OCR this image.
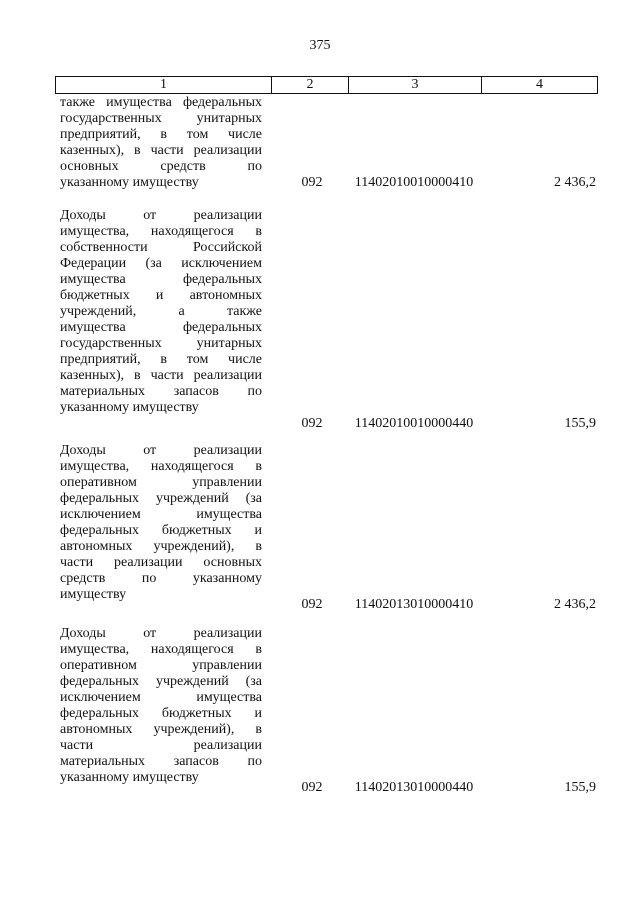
375
1	2	3	4
также имущества федеральных
государственных унитарных
предприятий, в том числе
казенных), в части реализации
основных средств по
указанному имуществу	092	11402010010000410	2 436,2
Доходы от реализации
имущества, находящегося в
собственности Российской
Федерации (за исключением
имущества федеральных
бюджетных и автономных
учреждений, а также
имущества федеральных
государственных унитарных
предприятий, в том числе
казенных), в части реализации
материальных запасов по
указанному имуществу
092	11402010010000440	155,9
Доходы от реализации
имущества, находящегося в
оперативном управлении
федеральных учреждений (за
исключением имущества
федеральных бюджетных и
автономных учреждений), в
части реализации основных
средств по указанному
имуществу
092	11402013010000410	2 436,2
Доходы от реализации
имущества, находящегося в
оперативном управлении
федеральных учреждений (за
исключением имущества
федеральных бюджетных и
автономных учреждений), в
части реализации
материальных запасов по
указанному имуществу
092	11402013010000440	155,9
